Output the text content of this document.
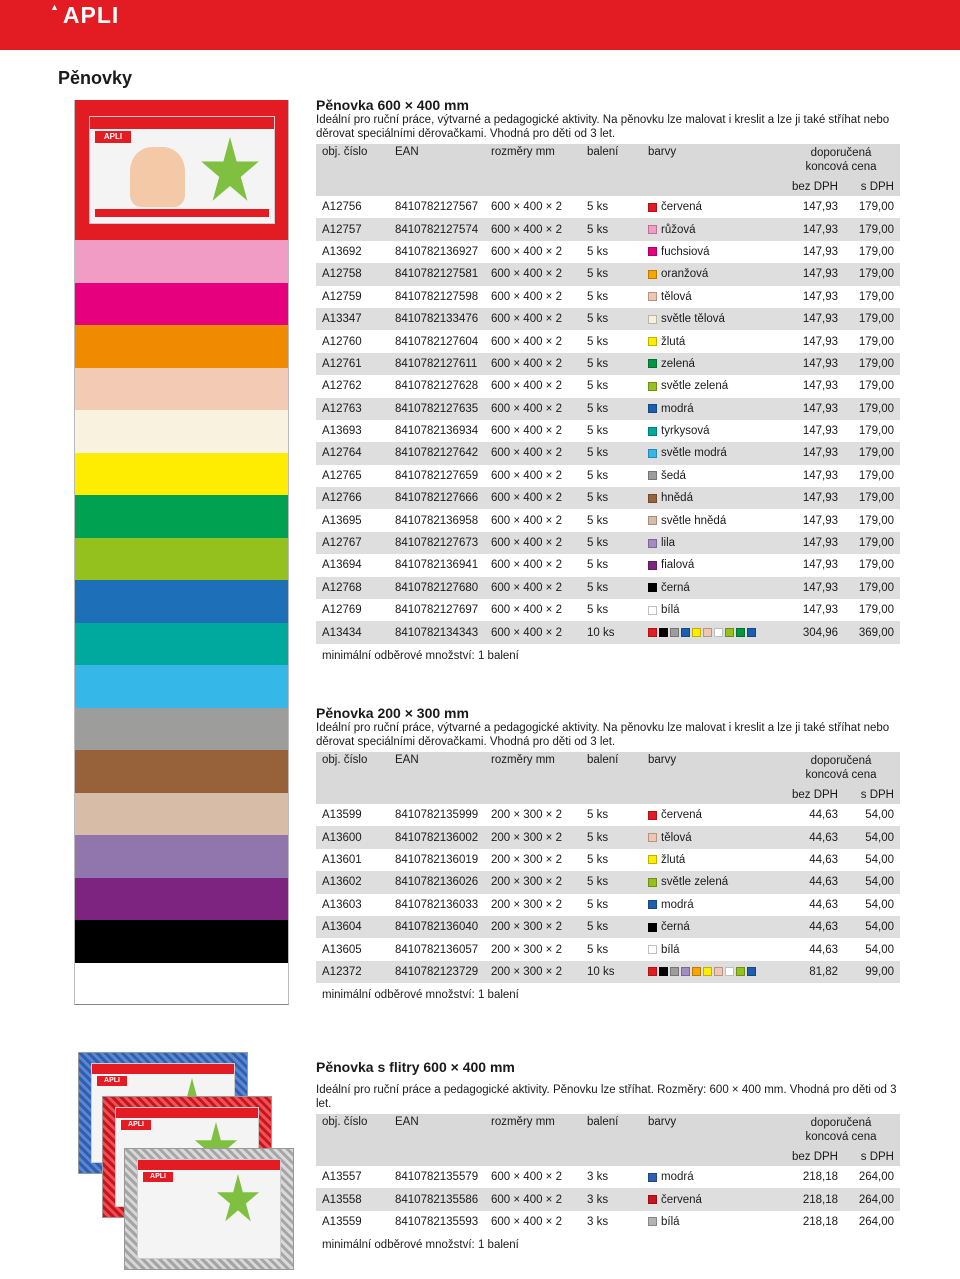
▲ APLI
Pěnovky
APLI
APLI
APLI
APLI
Pěnovka 600 × 400 mm

Ideální pro ruční práce, výtvarné a pedagogické aktivity. Na pěnovku lze malovat i kreslit a lze ji také stříhat nebo děrovat speciálními děrovačkami. Vhodná pro děti od 3 let.

obj. číslo	EAN	rozměry mm	balení	barvy	doporučená koncová cena	
					bez DPH	s DPH
A12756	8410782127567	600 × 400 × 2	5 ks	červená	147,93	179,00
A12757	8410782127574	600 × 400 × 2	5 ks	růžová	147,93	179,00
A13692	8410782136927	600 × 400 × 2	5 ks	fuchsiová	147,93	179,00
A12758	8410782127581	600 × 400 × 2	5 ks	oranžová	147,93	179,00
A12759	8410782127598	600 × 400 × 2	5 ks	tělová	147,93	179,00
A13347	8410782133476	600 × 400 × 2	5 ks	světle tělová	147,93	179,00
A12760	8410782127604	600 × 400 × 2	5 ks	žlutá	147,93	179,00
A12761	8410782127611	600 × 400 × 2	5 ks	zelená	147,93	179,00
A12762	8410782127628	600 × 400 × 2	5 ks	světle zelená	147,93	179,00
A12763	8410782127635	600 × 400 × 2	5 ks	modrá	147,93	179,00
A13693	8410782136934	600 × 400 × 2	5 ks	tyrkysová	147,93	179,00
A12764	8410782127642	600 × 400 × 2	5 ks	světle modrá	147,93	179,00
A12765	8410782127659	600 × 400 × 2	5 ks	šedá	147,93	179,00
A12766	8410782127666	600 × 400 × 2	5 ks	hnědá	147,93	179,00
A13695	8410782136958	600 × 400 × 2	5 ks	světle hnědá	147,93	179,00
A12767	8410782127673	600 × 400 × 2	5 ks	lila	147,93	179,00
A13694	8410782136941	600 × 400 × 2	5 ks	fialová	147,93	179,00
A12768	8410782127680	600 × 400 × 2	5 ks	černá	147,93	179,00
A12769	8410782127697	600 × 400 × 2	5 ks	bílá	147,93	179,00
A13434	8410782134343	600 × 400 × 2	10 ks		304,96	369,00

minimální odběrové množství: 1 balení

Pěnovka 200 × 300 mm

Ideální pro ruční práce, výtvarné a pedagogické aktivity. Na pěnovku lze malovat i kreslit a lze ji také stříhat nebo děrovat speciálními děrovačkami. Vhodná pro děti od 3 let.

obj. číslo	EAN	rozměry mm	balení	barvy	doporučená koncová cena	
					bez DPH	s DPH
A13599	8410782135999	200 × 300 × 2	5 ks	červená	44,63	54,00
A13600	8410782136002	200 × 300 × 2	5 ks	tělová	44,63	54,00
A13601	8410782136019	200 × 300 × 2	5 ks	žlutá	44,63	54,00
A13602	8410782136026	200 × 300 × 2	5 ks	světle zelená	44,63	54,00
A13603	8410782136033	200 × 300 × 2	5 ks	modrá	44,63	54,00
A13604	8410782136040	200 × 300 × 2	5 ks	černá	44,63	54,00
A13605	8410782136057	200 × 300 × 2	5 ks	bílá	44,63	54,00
A12372	8410782123729	200 × 300 × 2	10 ks		81,82	99,00

minimální odběrové množství: 1 balení

Pěnovka s flitry 600 × 400 mm

Ideální pro ruční práce a pedagogické aktivity. Pěnovku lze stříhat. Rozměry: 600 × 400 mm. Vhodná pro děti od 3 let.

obj. číslo	EAN	rozměry mm	balení	barvy	doporučená koncová cena	
					bez DPH	s DPH
A13557	8410782135579	600 × 400 × 2	3 ks	modrá	218,18	264,00
A13558	8410782135586	600 × 400 × 2	3 ks	červená	218,18	264,00
A13559	8410782135593	600 × 400 × 2	3 ks	bílá	218,18	264,00

minimální odběrové množství: 1 balení
